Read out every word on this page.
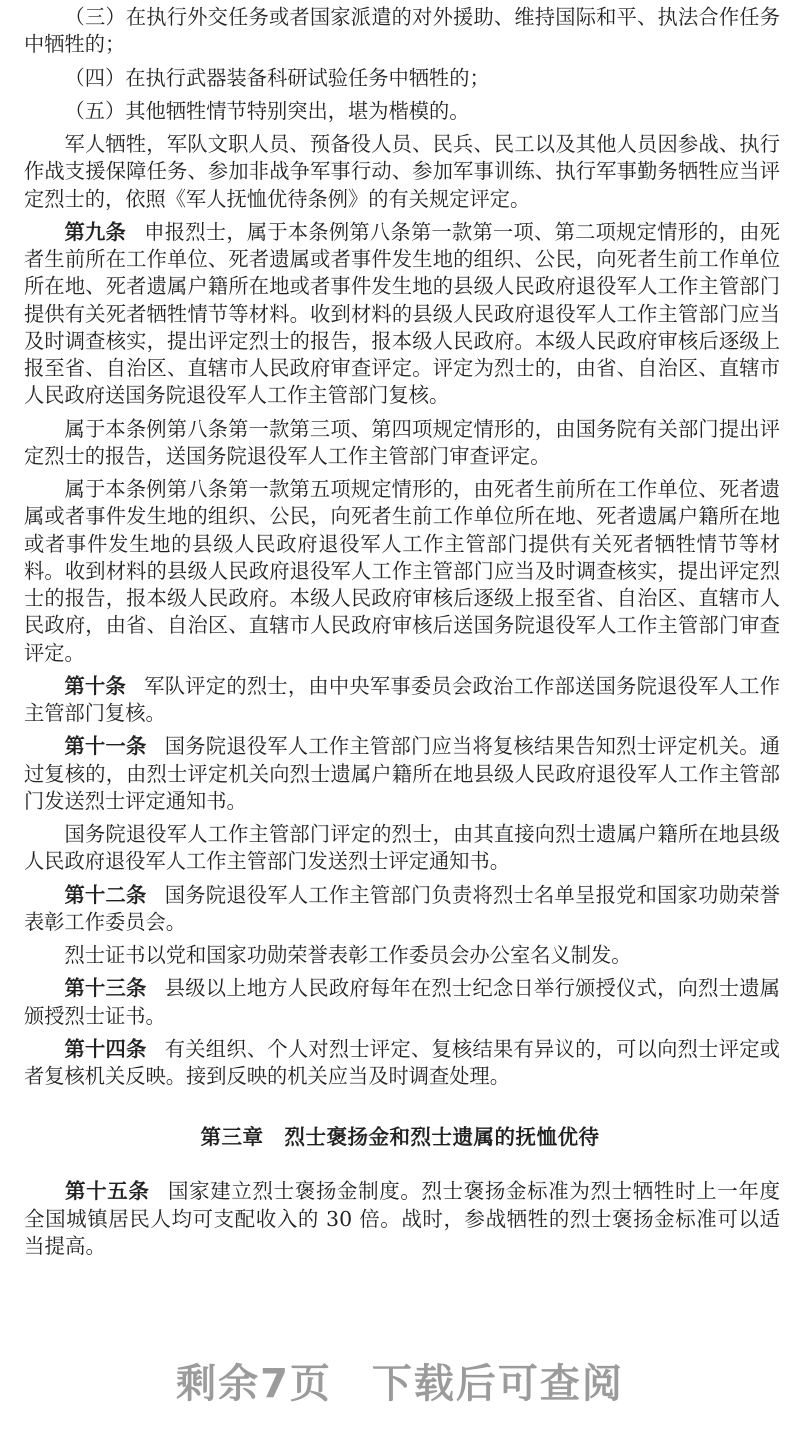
（三）在执行外交任务或者国家派遣的对外援助、维持国际和平、执法合作任务中牺牲的；

（四）在执行武器装备科研试验任务中牺牲的；

（五）其他牺牲情节特别突出，堪为楷模的。

军人牺牲，军队文职人员、预备役人员、民兵、民工以及其他人员因参战、执行作战支援保障任务、参加非战争军事行动、参加军事训练、执行军事勤务牺牲应当评定烈士的，依照《军人抚恤优待条例》的有关规定评定。

第九条 申报烈士，属于本条例第八条第一款第一项、第二项规定情形的，由死者生前所在工作单位、死者遗属或者事件发生地的组织、公民，向死者生前工作单位所在地、死者遗属户籍所在地或者事件发生地的县级人民政府退役军人工作主管部门提供有关死者牺牲情节等材料。收到材料的县级人民政府退役军人工作主管部门应当及时调查核实，提出评定烈士的报告，报本级人民政府。本级人民政府审核后逐级上报至省、自治区、直辖市人民政府审查评定。评定为烈士的，由省、自治区、直辖市人民政府送国务院退役军人工作主管部门复核。

属于本条例第八条第一款第三项、第四项规定情形的，由国务院有关部门提出评定烈士的报告，送国务院退役军人工作主管部门审查评定。

属于本条例第八条第一款第五项规定情形的，由死者生前所在工作单位、死者遗属或者事件发生地的组织、公民，向死者生前工作单位所在地、死者遗属户籍所在地或者事件发生地的县级人民政府退役军人工作主管部门提供有关死者牺牲情节等材料。收到材料的县级人民政府退役军人工作主管部门应当及时调查核实，提出评定烈士的报告，报本级人民政府。本级人民政府审核后逐级上报至省、自治区、直辖市人民政府，由省、自治区、直辖市人民政府审核后送国务院退役军人工作主管部门审查评定。

第十条 军队评定的烈士，由中央军事委员会政治工作部送国务院退役军人工作主管部门复核。

第十一条 国务院退役军人工作主管部门应当将复核结果告知烈士评定机关。通过复核的，由烈士评定机关向烈士遗属户籍所在地县级人民政府退役军人工作主管部门发送烈士评定通知书。

国务院退役军人工作主管部门评定的烈士，由其直接向烈士遗属户籍所在地县级人民政府退役军人工作主管部门发送烈士评定通知书。

第十二条 国务院退役军人工作主管部门负责将烈士名单呈报党和国家功勋荣誉表彰工作委员会。

烈士证书以党和国家功勋荣誉表彰工作委员会办公室名义制发。

第十三条 县级以上地方人民政府每年在烈士纪念日举行颁授仪式，向烈士遗属颁授烈士证书。

第十四条 有关组织、个人对烈士评定、复核结果有异议的，可以向烈士评定或者复核机关反映。接到反映的机关应当及时调查处理。

第三章　烈士褒扬金和烈士遗属的抚恤优待

第十五条 国家建立烈士褒扬金制度。烈士褒扬金标准为烈士牺牲时上一年度全国城镇居民人均可支配收入的 30 倍。战时，参战牺牲的烈士褒扬金标准可以适当提高。

剩余7页 下载后可查阅
